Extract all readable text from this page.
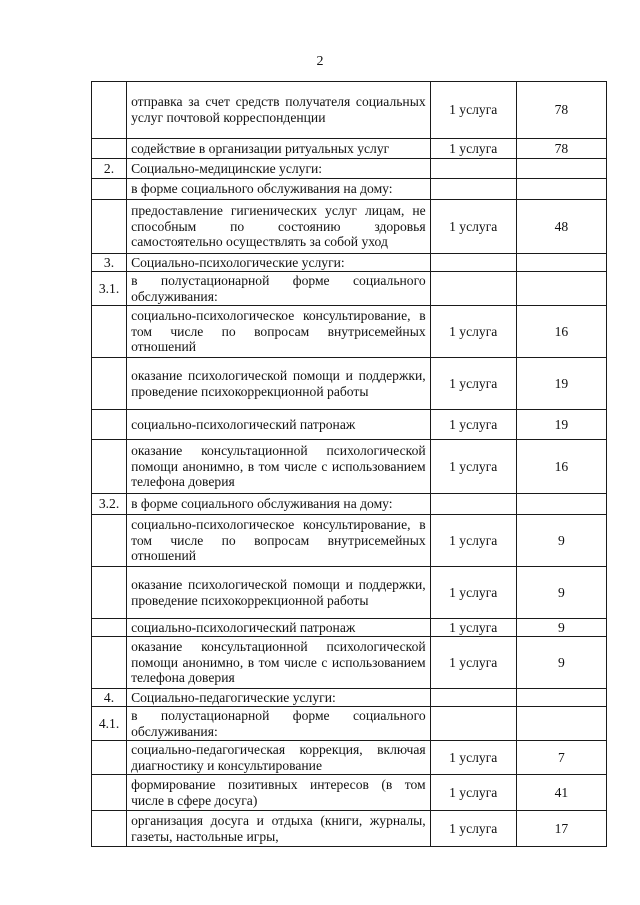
2
	отправка за счет средств получателя социальных услуг почтовой корреспонденции	1 услуга	78
	содействие в организации ритуальных услуг	1 услуга	78
2.	Социально-медицинские услуги:		
	в форме социального обслуживания на дому:		
	предоставление гигиенических услуг лицам, не способным по состоянию здоровья самостоятельно осуществлять за собой уход	1 услуга	48
3.	Социально-психологические услуги:		
3.1.	в полустационарной форме социального обслуживания:		
	социально-психологическое консультирование, в том числе по вопросам внутрисемейных отношений	1 услуга	16
	оказание психологической помощи и поддержки, проведение психокоррекционной работы	1 услуга	19
	социально-психологический патронаж	1 услуга	19
	оказание консультационной психологической помощи анонимно, в том числе с использованием телефона доверия	1 услуга	16
3.2.	в форме социального обслуживания на дому:		
	социально-психологическое консультирование, в том числе по вопросам внутрисемейных отношений	1 услуга	9
	оказание психологической помощи и поддержки, проведение психокоррекционной работы	1 услуга	9
	социально-психологический патронаж	1 услуга	9
	оказание консультационной психологической помощи анонимно, в том числе с использованием телефона доверия	1 услуга	9
4.	Социально-педагогические услуги:		
4.1.	в полустационарной форме социального обслуживания:		
	социально-педагогическая коррекция, включая диагностику и консультирование	1 услуга	7
	формирование позитивных интересов (в том числе в сфере досуга)	1 услуга	41
	организация досуга и отдыха (книги, журналы, газеты, настольные игры,	1 услуга	17
